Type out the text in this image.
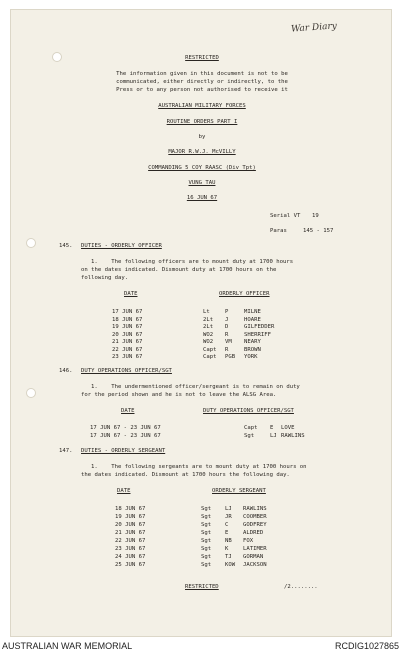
War Diary
RESTRICTED
The information given in this document is not to be
communicated, either directly or indirectly, to the
Press or to any person not authorised to receive it
AUSTRALIAN MILITARY FORCES
ROUTINE ORDERS PART I
by
MAJOR R.W.J. McVILLY
COMMANDING 5 COY RAASC (Div Tpt)
VUNG TAU
16 JUN 67
Serial VT 19
Paras	145 - 157
145. DUTIES - ORDERLY OFFICER
1.    The following officers are to mount duty at 1700 hours
on the dates indicated. Dismount duty at 1700 hours on the
following day.
DATE	ORDERLY OFFICER
17 JUN 67	Lt	P	MILNE
18 JUN 67	2Lt J	HOARE
19 JUN 67	2Lt D	GILFEDDER
20 JUN 67	WO2 R	SHERRIFF
21 JUN 67	WO2 VM NEARY
22 JUN 67	Capt R	BROWN
23 JUN 67	Capt PGB YORK
146. DUTY OPERATIONS OFFICER/SGT
1.    The undermentioned officer/sergeant is to remain on duty
for the period shown and he is not to leave the ALSG Area.
DATE	DUTY OPERATIONS OFFICER/SGT
17 JUN 67 - 23 JUN 67	Capt E LOVE
17 JUN 67 - 23 JUN 67	Sgt	LJ RAWLINS
147. DUTIES - ORDERLY SERGEANT
1.    The following sergeants are to mount duty at 1700 hours on
the dates indicated. Dismount at 1700 hours the following day.
DATE	ORDERLY SERGEANT
18 JUN 67	Sgt LJ RAWLINS
19 JUN 67	Sgt JR COOMBER
20 JUN 67	Sgt C	GODFREY
21 JUN 67	Sgt E	ALDRED
22 JUN 67	Sgt NB FOX
23 JUN 67	Sgt K	LATIMER
24 JUN 67	Sgt TJ GORMAN
25 JUN 67	Sgt KOW JACKSON
RESTRICTED	/2........
AUSTRALIAN WAR MEMORIAL	RCDIG1027865
